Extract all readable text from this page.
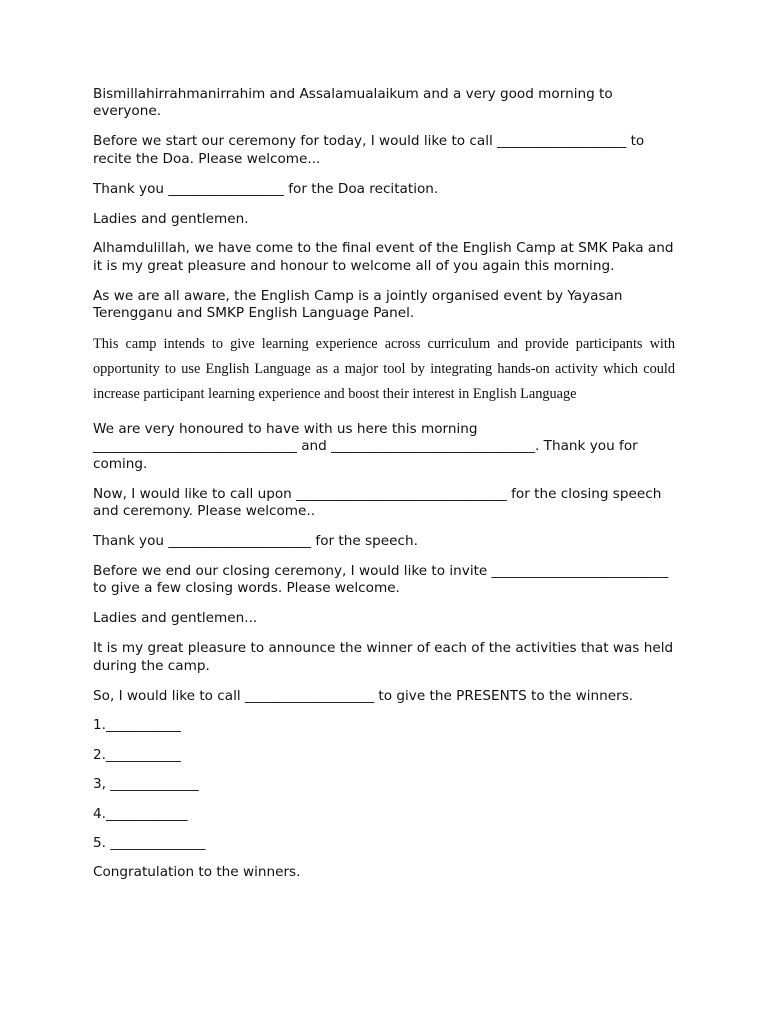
Bismillahirrahmanirrahim and Assalamualaikum and a very good morning to everyone.

Before we start our ceremony for today, I would like to call ___________________ to recite the Doa. Please welcome...

Thank you _________________ for the Doa recitation.

Ladies and gentlemen.

Alhamdulillah, we have come to the final event of the English Camp at SMK Paka and it is my great pleasure and honour to welcome all of you again this morning.

As we are all aware, the English Camp is a jointly organised event by Yayasan Terengganu and SMKP English Language Panel.

This camp intends to give learning experience across curriculum and provide participants with opportunity to use English Language as a major tool by integrating hands-on activity which could increase participant learning experience and boost their interest in English Language

We are very honoured to have with us here this morning ______________________________ and ______________________________. Thank you for coming.

Now, I would like to call upon _______________________________ for the closing speech and ceremony. Please welcome..

Thank you _____________________ for the speech.

Before we end our closing ceremony, I would like to invite __________________________ to give a few closing words. Please welcome.

Ladies and gentlemen...

It is my great pleasure to announce the winner of each of the activities that was held during the camp.

So, I would like to call ___________________ to give the PRESENTS to the winners.

1.___________

2.___________

3, _____________

4.____________

5. ______________

Congratulation to the winners.
